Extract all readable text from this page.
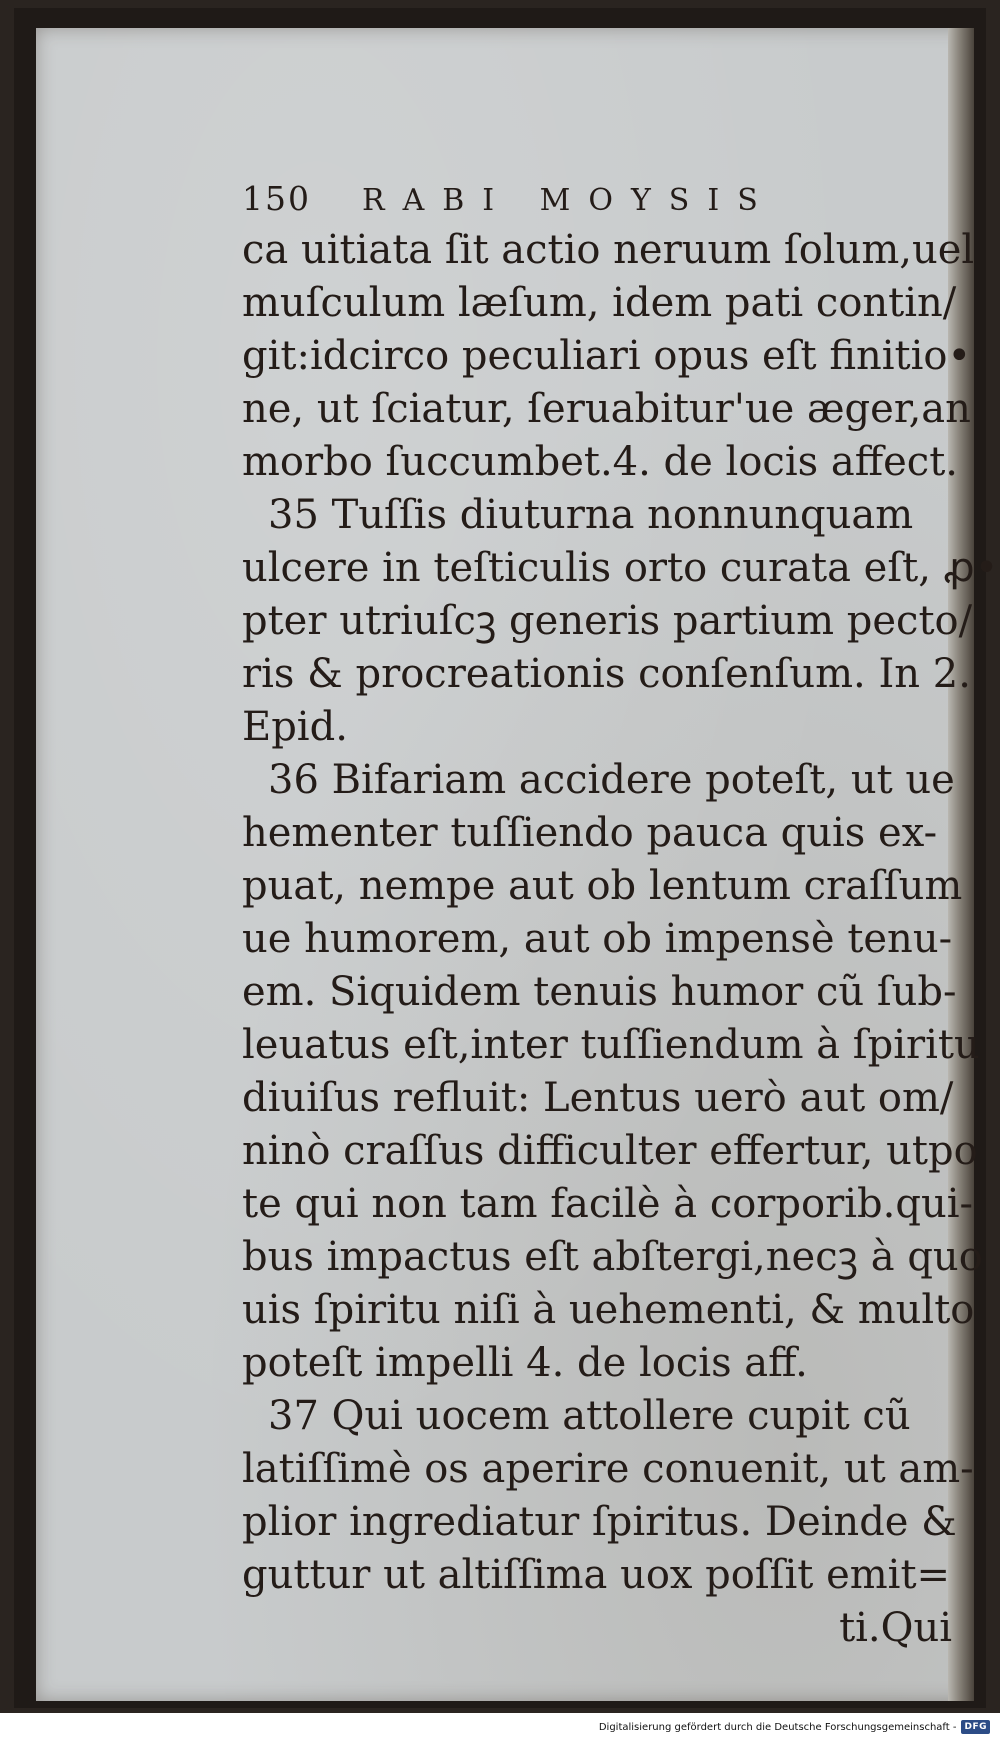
150	RABI MOYSIS
ca uitiata ſit actio neruum ſolum,uel
muſculum læſum, idem pati contin/
git:idcirco peculiari opus eſt finitio•
ne, ut ſciatur, ſeruabitur'ue æger,an
morbo ſuccumbet.4. de locis affect.
35 Tuſſis diuturna nonnunquam
ulcere in teſticulis orto curata eſt, ꝓ•
pter utriuſcꝫ generis partium pecto/
ris & procreationis conſenſum. In 2.
Epid.
36 Bifariam accidere poteſt, ut ue
hementer tuſſiendo pauca quis ex-
puat, nempe aut ob lentum craſſum
ue humorem, aut ob impensè tenu-
em. Siquidem tenuis humor cũ ſub-
leuatus eſt,inter tuſſiendum à ſpiritu
diuiſus refluit: Lentus uerò aut om/
ninò craſſus difficulter effertur, utpo
te qui non tam facilè à corporib.qui-
bus impactus eſt abſtergi,necꝫ à quo
uis ſpiritu niſi à uehementi, & multo
poteſt impelli 4. de locis aff.
37 Qui uocem attollere cupit cũ
latiſſimè os aperire conuenit, ut am-
plior ingrediatur ſpiritus. Deinde &
guttur ut altiſſima uox poſſit emit=
ti.Qui
Digitalisierung gefördert durch die Deutsche Forschungsgemeinschaft - DFG
